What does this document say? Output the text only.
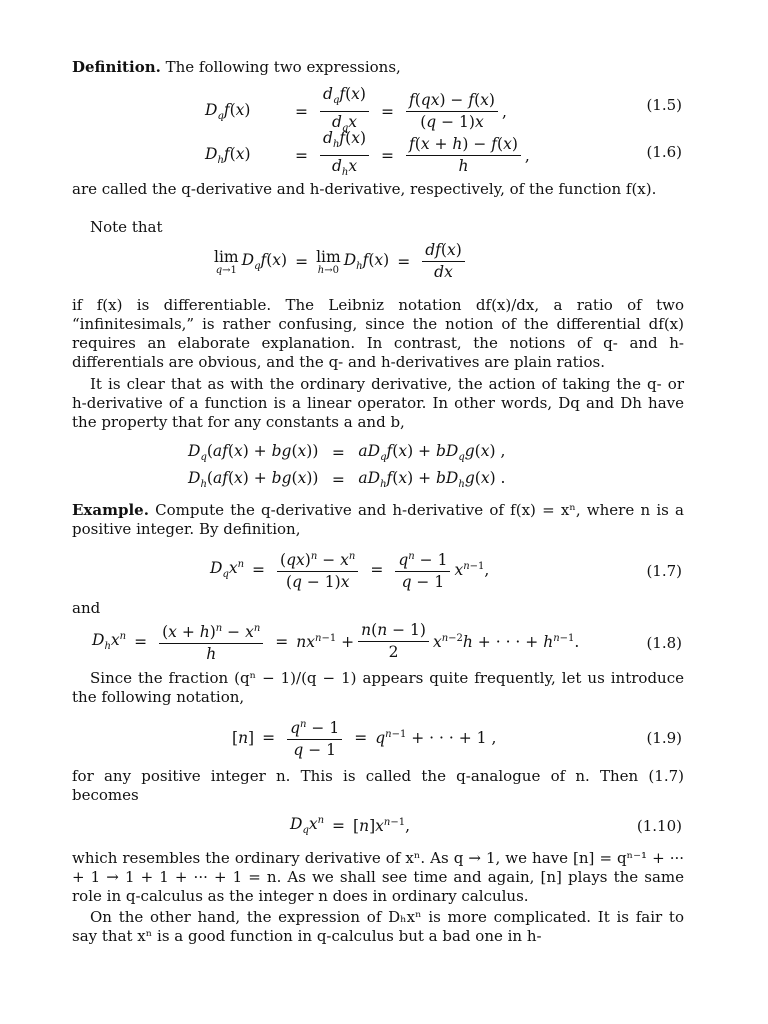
Definition. The following two expressions,
$D_qf(x)$	= $\frac{d_qf(x)}{d_qx} = \frac{f(qx) - f(x)}{(q - 1)x}$ ,	(1.5)
$D_hf(x)$	= $\frac{d_hf(x)}{d_hx} = \frac{f(x + h) - f(x)}{h}$ ,	(1.6)
are called the q-derivative and h-derivative, respectively, of the function f(x).
Note that
lim
q→1
$D_qf(x) = \lim$
h→0
$D_hf(x) = \frac{df(x)}{dx}$
if f(x) is differentiable. The Leibniz notation df(x)/dx, a ratio of two “infinitesimals,” is rather confusing, since the notion of the differential df(x) requires an elaborate explanation. In contrast, the notions of q- and h-differentials are obvious, and the q- and h-derivatives are plain ratios.
It is clear that as with the ordinary derivative, the action of taking the q- or h-derivative of a function is a linear operator. In other words, Dq and Dh have the property that for any constants a and b,
$D_q(af(x) + bg(x)) = aD_qf(x) + bD_qg(x)$ ,
$D_h(af(x) + bg(x)) = aD_hf(x) + bD_hg(x)$ .
Example. Compute the q-derivative and h-derivative of f(x) = xⁿ, where n is a positive integer. By definition,
$D_qx^n = \frac{(qx)^n - x^n}{(q - 1)x} = \frac{q^n - 1}{q - 1} x^{n-1}$,	(1.7)
and
$D_hx^n = \frac{(x + h)^n - x^n}{h} = nx^{n-1} + \frac{n(n - 1)}{2} x^{n-2}h$ + · · · + $h^{n-1}$.	(1.8)
Since the fraction (qⁿ − 1)/(q − 1) appears quite frequently, let us introduce the following notation,
$[n] = \frac{q^n - 1}{q - 1} = q^{n-1}$ + · · · + 1 ,	(1.9)
for any positive integer n. This is called the q-analogue of n. Then (1.7) becomes
$D_qx^n = [n]x^{n-1}$,	(1.10)
which resembles the ordinary derivative of xⁿ. As q → 1, we have [n] = qⁿ⁻¹ + ··· + 1 → 1 + 1 + ··· + 1 = n. As we shall see time and again, [n] plays the same role in q-calculus as the integer n does in ordinary calculus.
On the other hand, the expression of Dₕxⁿ is more complicated. It is fair to say that xⁿ is a good function in q-calculus but a bad one in h-
